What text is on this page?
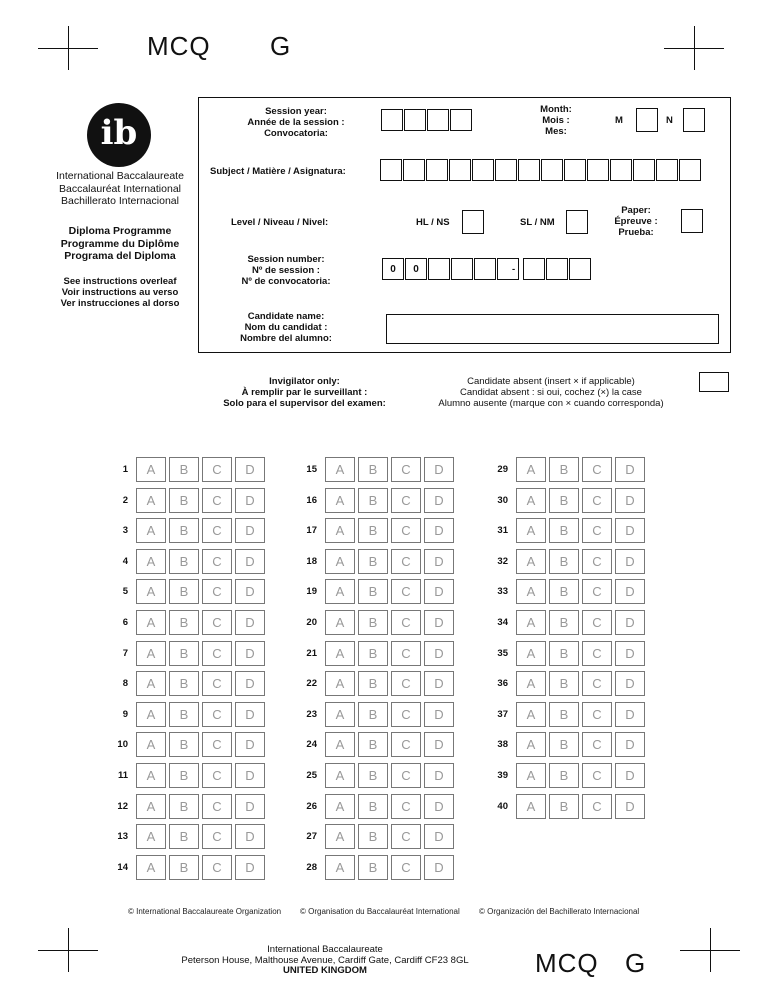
MCQ G
ib
International Baccalaureate
Baccalauréat International
Bachillerato Internacional
Diploma Programme
Programme du Diplôme
Programa del Diploma
See instructions overleaf
Voir instructions au verso
Ver instrucciones al dorso
Session year:
Année de la session :
Convocatoria:
Month:
Mois :
Mes:
M	N
Subject / Matière / Asignatura:
Level / Niveau / Nivel:	HL / NS	SL / NM
Paper:
Épreuve :
Prueba:
Session number:
Nº de session :
Nº de convocatoria:
0	0	-
Candidate name:
Nom du candidat :
Nombre del alumno:
Invigilator only:
À remplir par le surveillant :
Solo para el supervisor del examen:
Candidate absent (insert × if applicable)
Candidat absent : si oui, cochez (×) la case
Alumno ausente (marque con × cuando corresponda)
1	A	B	C	D
2	A	B	C	D
3	A	B	C	D
4	A	B	C	D
5	A	B	C	D
6	A	B	C	D
7	A	B	C	D
8	A	B	C	D
9	A	B	C	D
10	A	B	C	D
11	A	B	C	D
12	A	B	C	D
13	A	B	C	D
14	A	B	C	D
15	A	B	C	D
16	A	B	C	D
17	A	B	C	D
18	A	B	C	D
19	A	B	C	D
20	A	B	C	D
21	A	B	C	D
22	A	B	C	D
23	A	B	C	D
24	A	B	C	D
25	A	B	C	D
26	A	B	C	D
27	A	B	C	D
28	A	B	C	D
29	A	B	C	D
30	A	B	C	D
31	A	B	C	D
32	A	B	C	D
33	A	B	C	D
34	A	B	C	D
35	A	B	C	D
36	A	B	C	D
37	A	B	C	D
38	A	B	C	D
39	A	B	C	D
40	A	B	C	D
© International Baccalaureate Organization © Organisation du Baccalauréat International © Organización del Bachillerato Internacional
International Baccalaureate
Peterson House, Malthouse Avenue, Cardiff Gate, Cardiff CF23 8GL
UNITED KINGDOM	MCQ G
